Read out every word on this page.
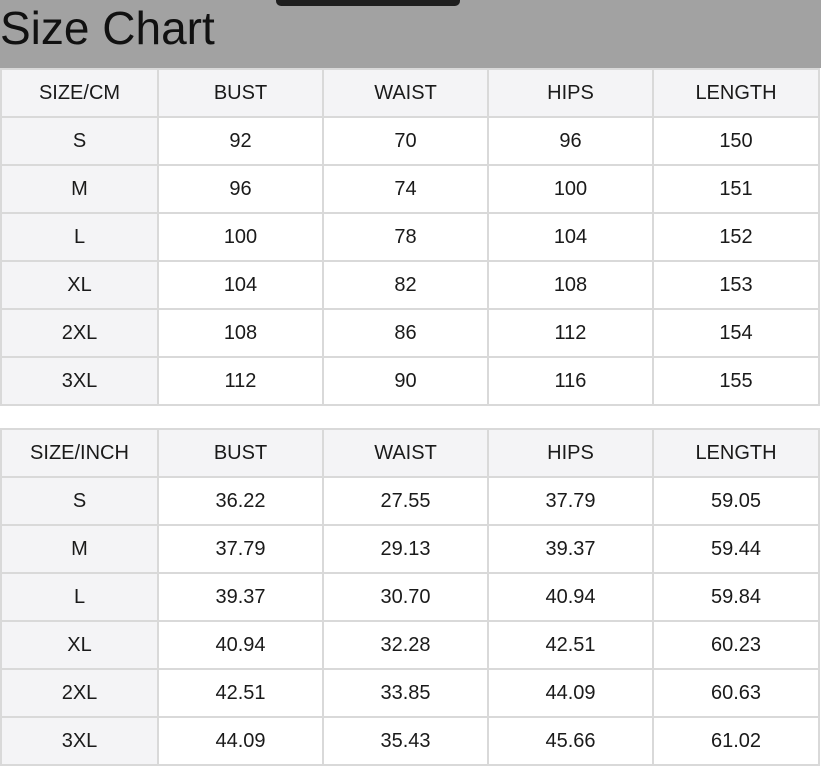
Size Chart
SIZE/CM	BUST	WAIST	HIPS	LENGTH
S	92	70	96	150
M	96	74	100	151
L	100	78	104	152
XL	104	82	108	153
2XL	108	86	112	154
3XL	112	90	116	155
SIZE/INCH	BUST	WAIST	HIPS	LENGTH
S	36.22	27.55	37.79	59.05
M	37.79	29.13	39.37	59.44
L	39.37	30.70	40.94	59.84
XL	40.94	32.28	42.51	60.23
2XL	42.51	33.85	44.09	60.63
3XL	44.09	35.43	45.66	61.02
